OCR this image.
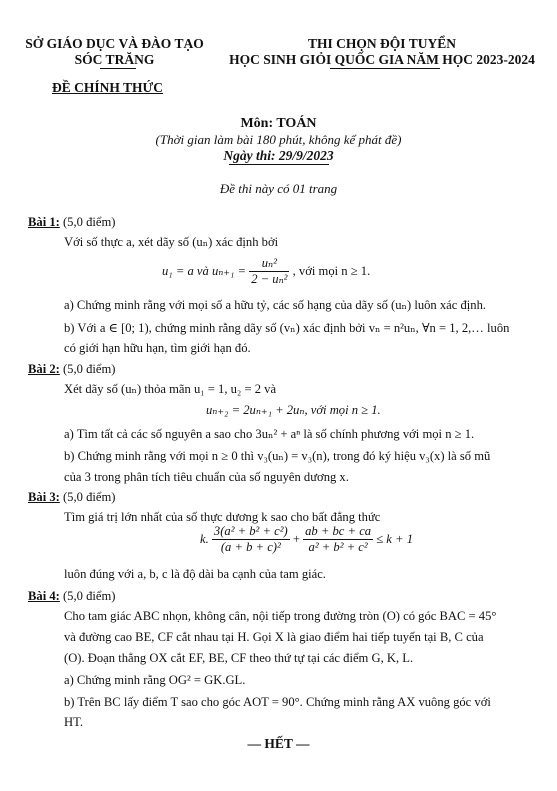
SỞ GIÁO DỤC VÀ ĐÀO TẠO
SÓC TRĂNG
THI CHỌN ĐỘI TUYỂN
HỌC SINH GIỎI QUỐC GIA NĂM HỌC 2023-2024
ĐỀ CHÍNH THỨC
Môn: TOÁN
(Thời gian làm bài 180 phút, không kể phát đề)
Ngày thi: 29/9/2023
Đề thi này có 01 trang
Bài 1: (5,0 điểm)
Với số thực a, xét dãy số (uₙ) xác định bởi
u₁ = a và $u_{n+1} = \frac{\text{uₙ²}}{\text{2 − uₙ²}}$ , với mọi n ≥ 1.
a) Chứng minh rằng với mọi số a hữu tỷ, các số hạng của dãy số (uₙ) luôn xác định.
b) Với a ∈ [0; 1), chứng minh rằng dãy số (vₙ) xác định bởi vₙ = n²uₙ, ∀n = 1, 2,… luôn
có giới hạn hữu hạn, tìm giới hạn đó.
Bài 2: (5,0 điểm)
Xét dãy số (uₙ) thỏa mãn u₁ = 1, u₂ = 2 và
uₙ₊₂ = 2uₙ₊₁ + 2uₙ, với mọi n ≥ 1.
a) Tìm tất cả các số nguyên a sao cho 3uₙ² + aⁿ là số chính phương với mọi n ≥ 1.
b) Chứng minh rằng với mọi n ≥ 0 thì v₃(uₙ) = v₃(n), trong đó ký hiệu v₃(x) là số mũ
của 3 trong phân tích tiêu chuẩn của số nguyên dương x.
Bài 3: (5,0 điểm)
Tìm giá trị lớn nhất của số thực dương k sao cho bất đẳng thức
k. $\frac{\text{3(a² + b² + c²)}}{\text{(a + b + c)²}} + \frac{ab + bc + ca}{\text{a² + b² + c²}} \le k + 1$
luôn đúng với a, b, c là độ dài ba cạnh của tam giác.
Bài 4: (5,0 điểm)
Cho tam giác ABC nhọn, không cân, nội tiếp trong đường tròn (O) có góc BAC = 45°
và đường cao BE, CF cắt nhau tại H. Gọi X là giao điểm hai tiếp tuyến tại B, C của
(O). Đoạn thẳng OX cắt EF, BE, CF theo thứ tự tại các điểm G, K, L.
a) Chứng minh rằng OG² = GK.GL.
b) Trên BC lấy điểm T sao cho góc AOT = 90°. Chứng minh rằng AX vuông góc với
HT.
— HẾT —
